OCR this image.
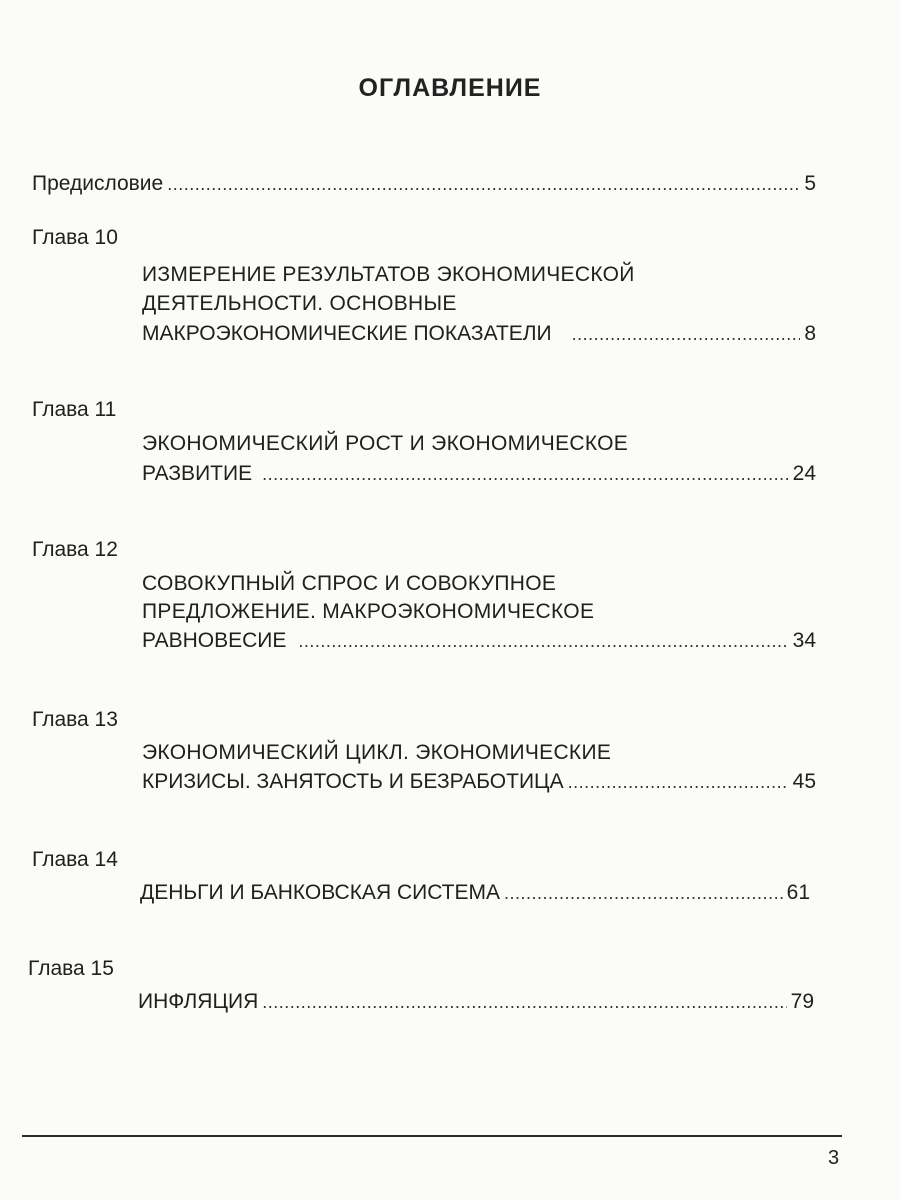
ОГЛАВЛЕНИЕ
Предисловие .....	5
Глава 10
ИЗМЕРЕНИЕ РЕЗУЛЬТАТОВ ЭКОНОМИЧЕСКОЙ
ДЕЯТЕЛЬНОСТИ. ОСНОВНЫЕ
МАКРОЭКОНОМИЧЕСКИЕ ПОКАЗАТЕЛИ .....	8
Глава 11
ЭКОНОМИЧЕСКИЙ РОСТ И ЭКОНОМИЧЕСКОЕ
РАЗВИТИЕ .....	24
Глава 12
СОВОКУПНЫЙ СПРОС И СОВОКУПНОЕ
ПРЕДЛОЖЕНИЕ. МАКРОЭКОНОМИЧЕСКОЕ
РАВНОВЕСИЕ .....	34
Глава 13
ЭКОНОМИЧЕСКИЙ ЦИКЛ. ЭКОНОМИЧЕСКИЕ
КРИЗИСЫ. ЗАНЯТОСТЬ И БЕЗРАБОТИЦА .....	45
Глава 14
ДЕНЬГИ И БАНКОВСКАЯ СИСТЕМА .....	61
Глава 15
ИНФЛЯЦИЯ .....	79
3
